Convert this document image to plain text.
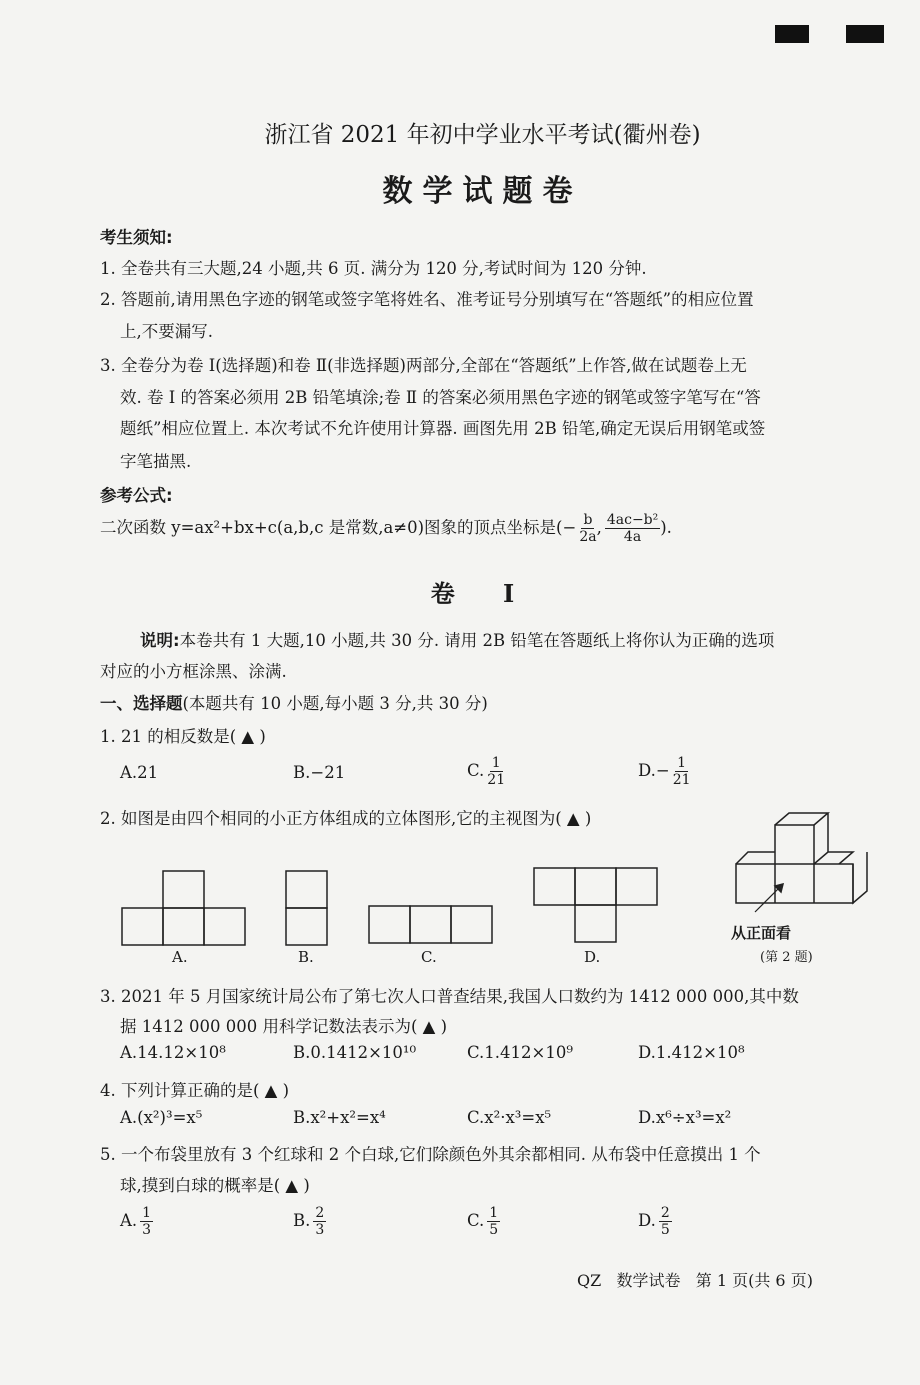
浙江省 2021 年初中学业水平考试(衢州卷)
数学试题卷
考生须知:
1. 全卷共有三大题,24 小题,共 6 页. 满分为 120 分,考试时间为 120 分钟.
2. 答题前,请用黑色字迹的钢笔或签字笔将姓名、准考证号分别填写在“答题纸”的相应位置
上,不要漏写.
3. 全卷分为卷 Ⅰ(选择题)和卷 Ⅱ(非选择题)两部分,全部在“答题纸”上作答,做在试题卷上无
效. 卷 Ⅰ 的答案必须用 2B 铅笔填涂;卷 Ⅱ 的答案必须用黑色字迹的钢笔或签字笔写在“答
题纸”相应位置上. 本次考试不允许使用计算器. 画图先用 2B 铅笔,确定无误后用钢笔或签
字笔描黑.
参考公式:
二次函数 y=ax²+bx+c(a,b,c 是常数,a≠0)图象的顶点坐标是(− $\frac{b}{2a}$ , $\frac{\text{4ac−b²}}{4a}$ ).
卷 Ⅰ
说明:本卷共有 1 大题,10 小题,共 30 分. 请用 2B 铅笔在答题纸上将你认为正确的选项
对应的小方框涂黑、涂满.
一、选择题(本题共有 10 小题,每小题 3 分,共 30 分)
1. 21 的相反数是( ▲ )
A.21	B.−21	C. $\frac{1}{21}$	$D.- \frac{1}{21}$
2. 如图是由四个相同的小正方体组成的立体图形,它的主视图为( ▲ )
A.	B.	C.	D.
从正面看
(第 2 题)
3. 2021 年 5 月国家统计局公布了第七次人口普查结果,我国人口数约为 1412 000 000,其中数
据 1412 000 000 用科学记数法表示为( ▲ )
A.14.12×10⁸	B.0.1412×10¹⁰	C.1.412×10⁹	D.1.412×10⁸
4. 下列计算正确的是( ▲ )
A.(x²)³=x⁵	B.x²+x²=x⁴	C.x²·x³=x⁵	D.x⁶÷x³=x²
5. 一个布袋里放有 3 个红球和 2 个白球,它们除颜色外其余都相同. 从布袋中任意摸出 1 个
球,摸到白球的概率是( ▲ )
A. $\frac{1}{3}$	B. $\frac{2}{3}$	C. $\frac{1}{5}$	D. $\frac{2}{5}$
QZ   数学试卷   第 1 页(共 6 页)
